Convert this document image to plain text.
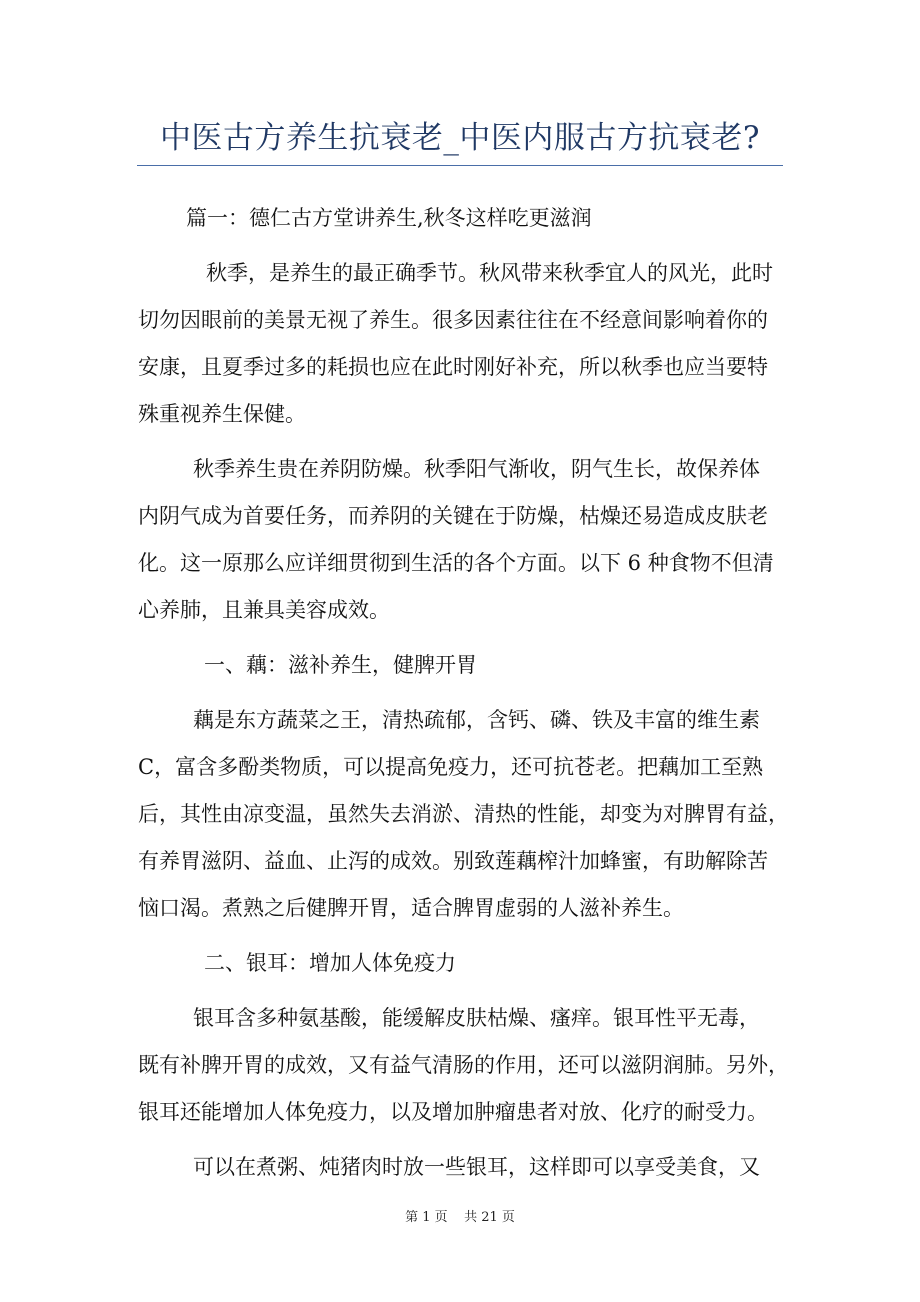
中医古方养生抗衰老_中医内服古方抗衰老?

篇一：德仁古方堂讲养生,秋冬这样吃更滋润

秋季，是养生的最正确季节。秋风带来秋季宜人的风光，此时

切勿因眼前的美景无视了养生。很多因素往往在不经意间影响着你的

安康，且夏季过多的耗损也应在此时刚好补充，所以秋季也应当要特

殊重视养生保健。

秋季养生贵在养阴防燥。秋季阳气渐收，阴气生长，故保养体

内阴气成为首要任务，而养阴的关键在于防燥，枯燥还易造成皮肤老

化。这一原那么应详细贯彻到生活的各个方面。以下 6 种食物不但清

心养肺，且兼具美容成效。

一、藕：滋补养生，健脾开胃

藕是东方蔬菜之王，清热疏郁，含钙、磷、铁及丰富的维生素

C，富含多酚类物质，可以提高免疫力，还可抗苍老。把藕加工至熟

后，其性由凉变温，虽然失去消淤、清热的性能，却变为对脾胃有益，

有养胃滋阴、益血、止泻的成效。别致莲藕榨汁加蜂蜜，有助解除苦

恼口渴。煮熟之后健脾开胃，适合脾胃虚弱的人滋补养生。

二、银耳：增加人体免疫力

银耳含多种氨基酸，能缓解皮肤枯燥、瘙痒。银耳性平无毒，

既有补脾开胃的成效，又有益气清肠的作用，还可以滋阴润肺。另外，

银耳还能增加人体免疫力，以及增加肿瘤患者对放、化疗的耐受力。

可以在煮粥、炖猪肉时放一些银耳，这样即可以享受美食，又

第 1 页    共 21 页
